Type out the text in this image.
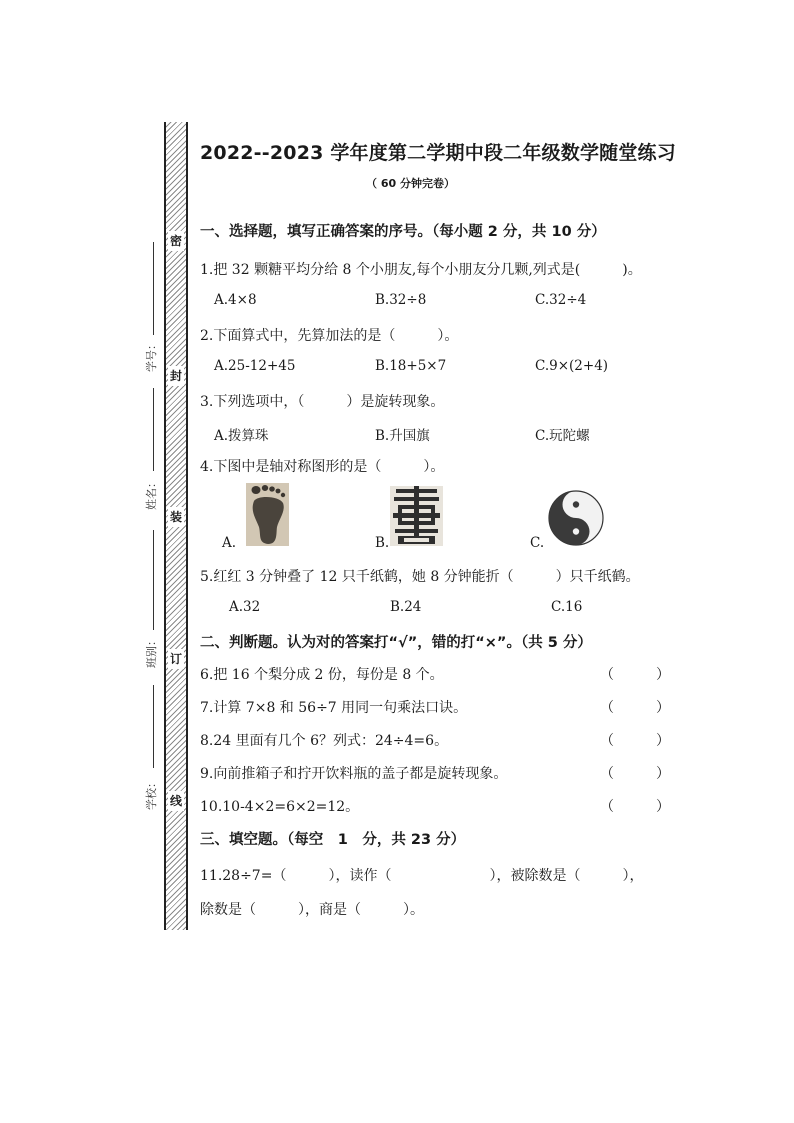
密
封
装
订
线
学号：
姓名：
班别：
学校：
2022--2023 学年度第二学期中段二年级数学随堂练习
（ 60 分钟完卷）
一、选择题，填写正确答案的序号。（每小题 2 分，共 10 分）
1.把 32 颗糖平均分给 8 个小朋友,每个小朋友分几颗,列式是(　　　)。
A.4×8	B.32÷8	C.32÷4
2.下面算式中，先算加法的是（　　　）。
A.25-12+45	B.18+5×7	C.9×(2+4)
3.下列选项中，（　　　）是旋转现象。
A.拨算珠	B.升国旗	C.玩陀螺
4.下图中是轴对称图形的是（　　　）。
A.	B.	C.
5.红红 3 分钟叠了 12 只千纸鹤，她 8 分钟能折（　　　）只千纸鹤。
A.32	B.24	C.16
二、判断题。认为对的答案打“√”，错的打“×”。（共 5 分）
6.把 16 个梨分成 2 份，每份是 8 个。	（　　　）
7.计算 7×8 和 56÷7 用同一句乘法口诀。	（　　　）
8.24 里面有几个 6？列式：24÷4=6。	（　　　）
9.向前推箱子和拧开饮料瓶的盖子都是旋转现象。	（　　　）
10.10-4×2=6×2=12。	（　　　）
三、填空题。（每空　1　分，共 23 分）
11.28÷7=（　　　），读作（　　　　　　　），被除数是（　　　），
除数是（　　　），商是（　　　）。
